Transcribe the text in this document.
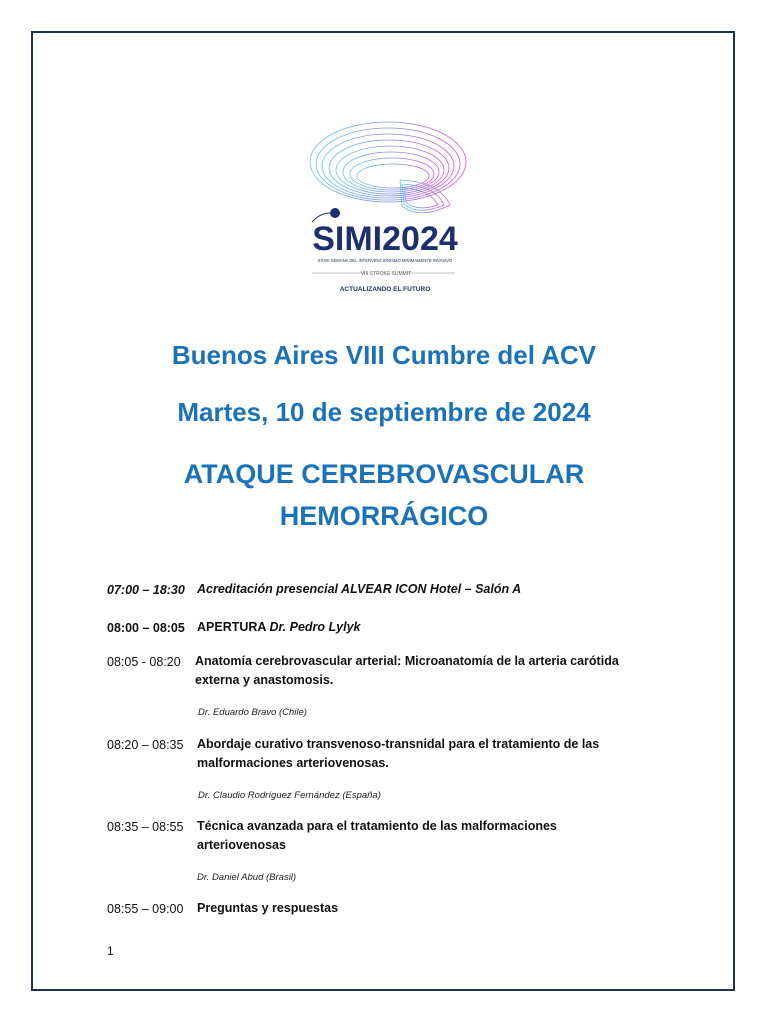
SIMI2024
XXXIII SEMANA DEL INTERVENCIONISMO MINIMAMENTE INVASIVO
VIII STROKE SUMMIT
ACTUALIZANDO EL FUTURO
Buenos Aires VIII Cumbre del ACV
Martes, 10 de septiembre de 2024
ATAQUE CEREBROVASCULAR
HEMORRÁGICO
07:00 – 18:30 Acreditación presencial ALVEAR ICON Hotel – Salón A
08:00 – 08:05 APERTURA Dr. Pedro Lylyk
08:05 - 08:20 Anatomía cerebrovascular arterial: Microanatomía de la arteria carótida
externa y anastomosis.
Dr. Eduardo Bravo (Chile)
08:20 – 08:35 Abordaje curativo transvenoso-transnidal para el tratamiento de las
malformaciones arteriovenosas.
Dr. Claudio Rodríguez Fernández (España)
08:35 – 08:55 Técnica avanzada para el tratamiento de las malformaciones
arteriovenosas
Dr. Daniel Abud (Brasil)
08:55 – 09:00 Preguntas y respuestas
1
